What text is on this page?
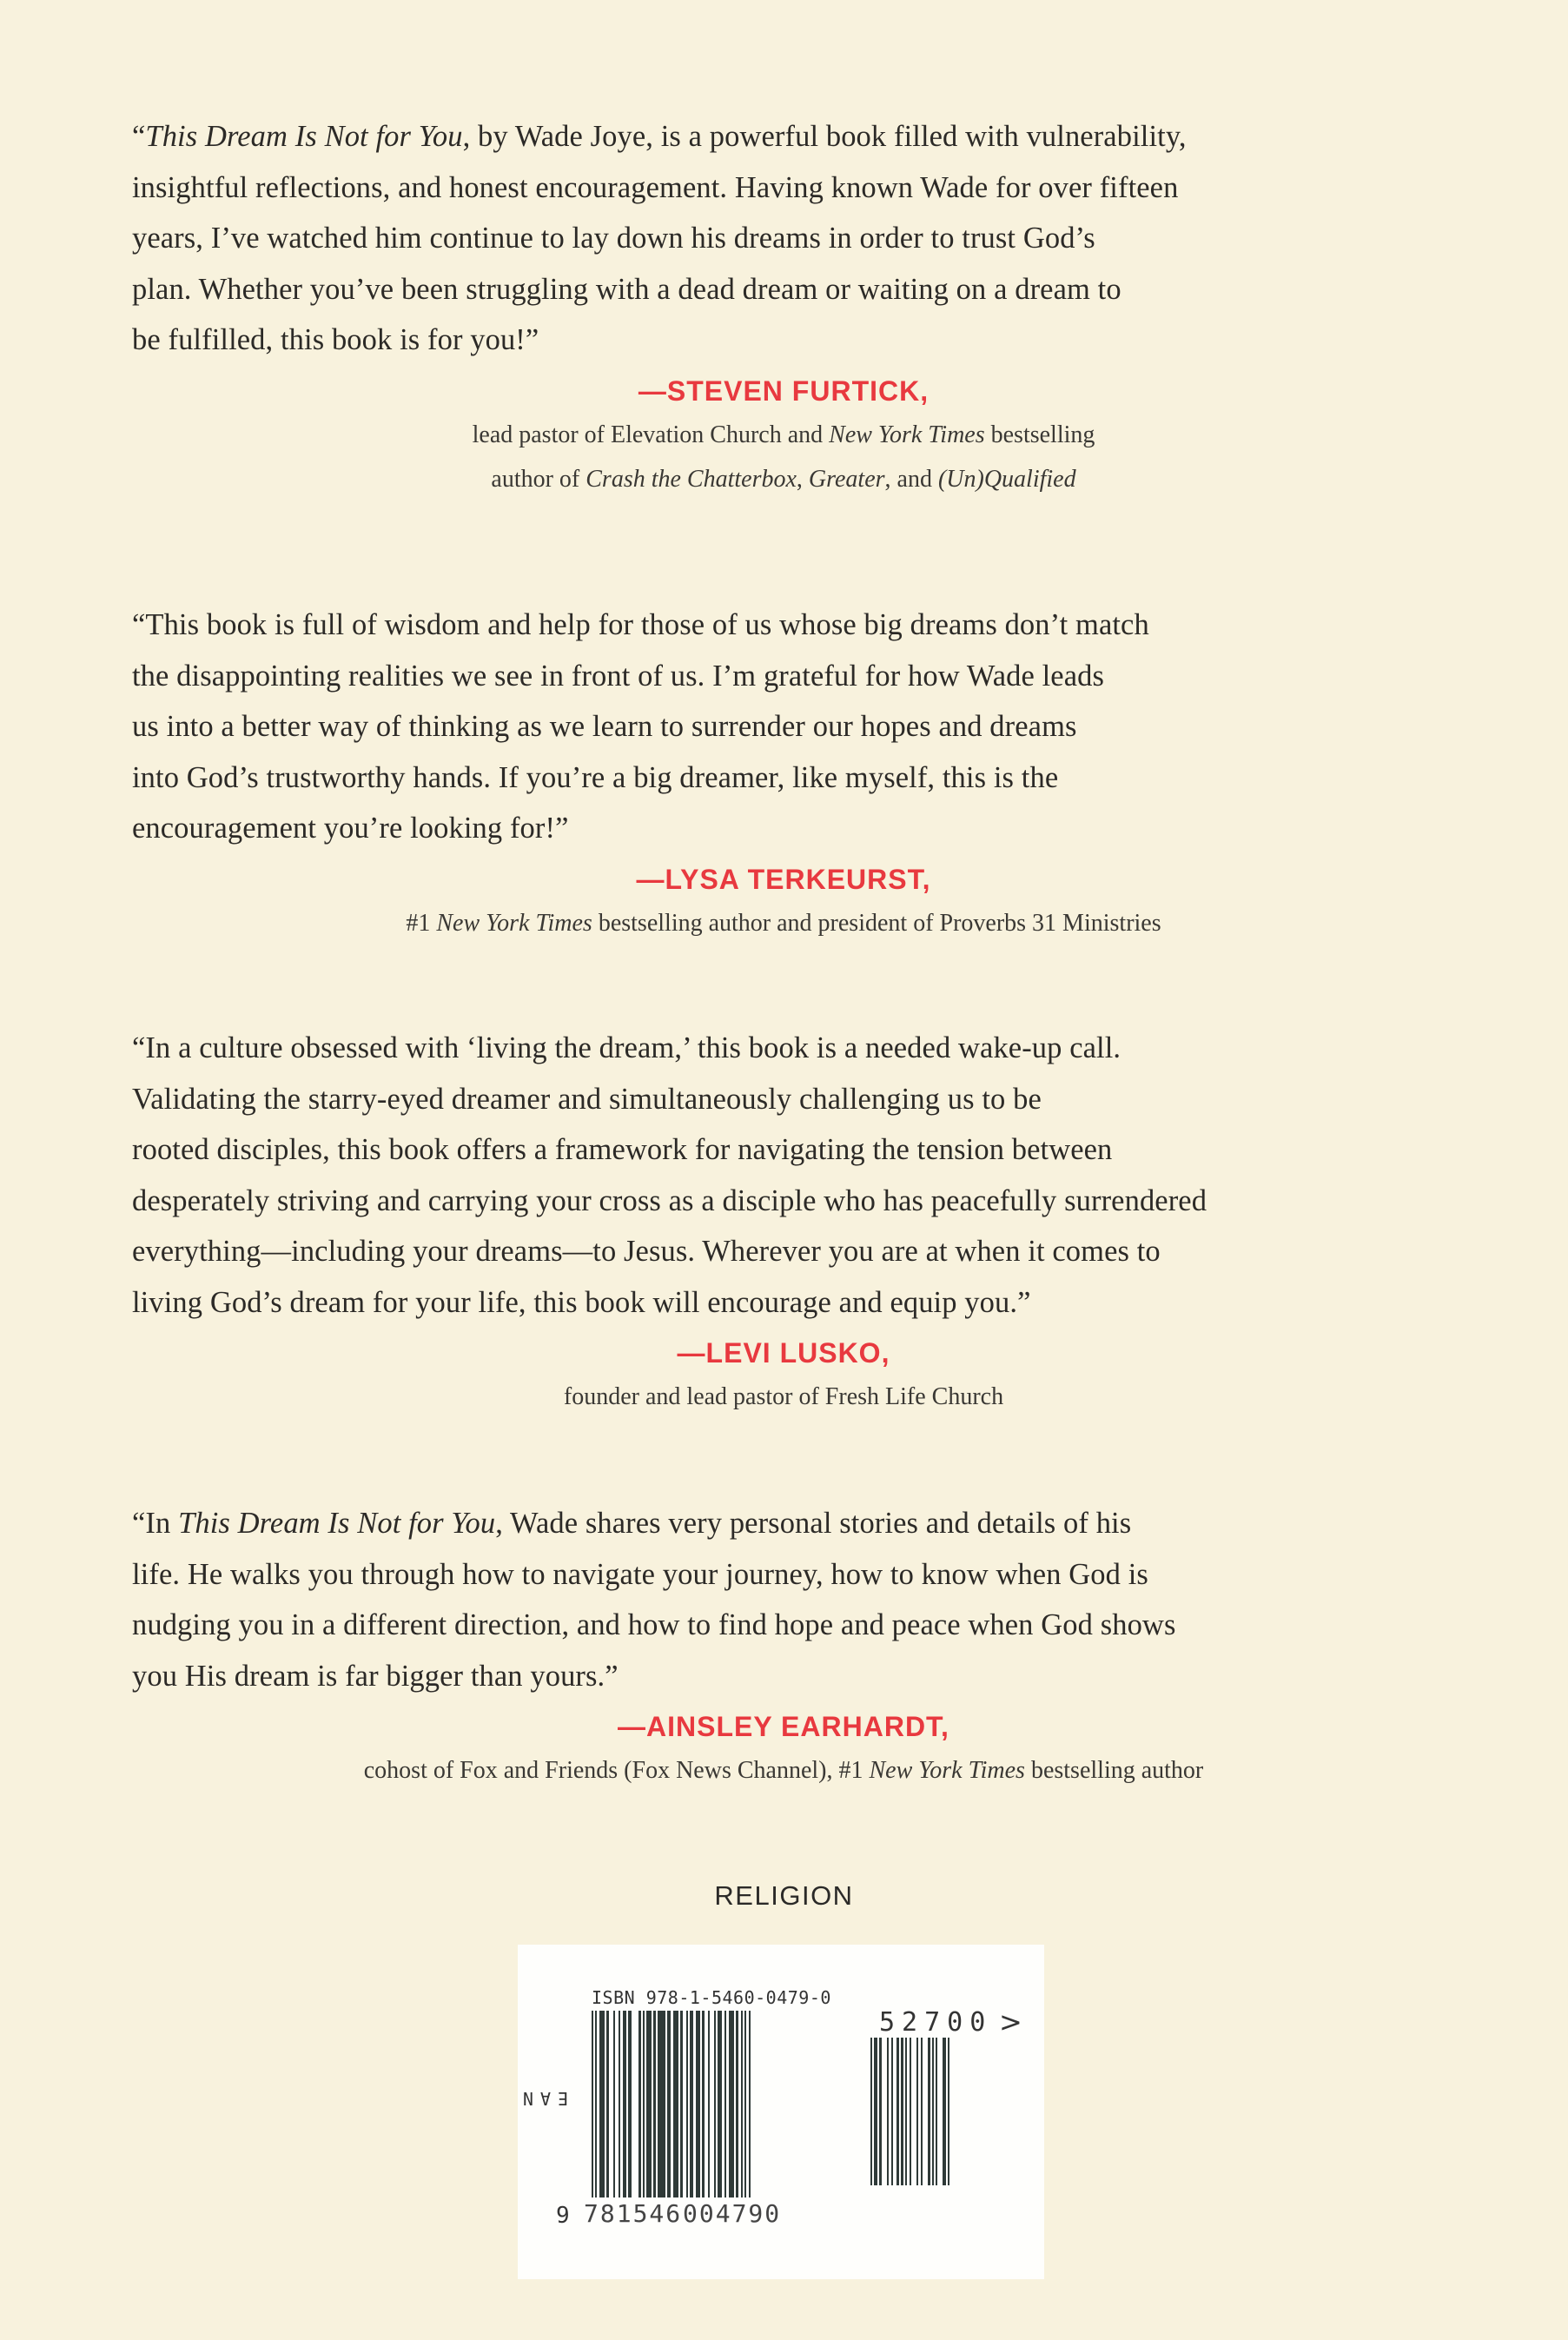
“This Dream Is Not for You, by Wade Joye, is a powerful book filled with vulnerability,
insightful reflections, and honest encouragement. Having known Wade for over fifteen
years, I’ve watched him continue to lay down his dreams in order to trust God’s
plan. Whether you’ve been struggling with a dead dream or waiting on a dream to
be fulfilled, this book is for you!”

—STEVEN FURTICK,
lead pastor of Elevation Church and New York Times bestselling
author of Crash the Chatterbox, Greater, and (Un)Qualified

“This book is full of wisdom and help for those of us whose big dreams don’t match
the disappointing realities we see in front of us. I’m grateful for how Wade leads
us into a better way of thinking as we learn to surrender our hopes and dreams
into God’s trustworthy hands. If you’re a big dreamer, like myself, this is the
encouragement you’re looking for!”

—LYSA TERKEURST,
#1 New York Times bestselling author and president of Proverbs 31 Ministries

“In a culture obsessed with ‘living the dream,’ this book is a needed wake-up call.
Validating the starry-eyed dreamer and simultaneously challenging us to be
rooted disciples, this book offers a framework for navigating the tension between
desperately striving and carrying your cross as a disciple who has peacefully surrendered
everything—including your dreams—to Jesus. Wherever you are at when it comes to
living God’s dream for your life, this book will encourage and equip you.”

—LEVI LUSKO,
founder and lead pastor of Fresh Life Church

“In This Dream Is Not for You, Wade shares very personal stories and details of his
life. He walks you through how to navigate your journey, how to know when God is
nudging you in a different direction, and how to find hope and peace when God shows
you His dream is far bigger than yours.”

—AINSLEY EARHARDT,
cohost of Fox and Friends (Fox News Channel), #1 New York Times bestselling author
RELIGION
ISBN 978-1-5460-0479-0
52700 >
EAN
9 781546 004790
